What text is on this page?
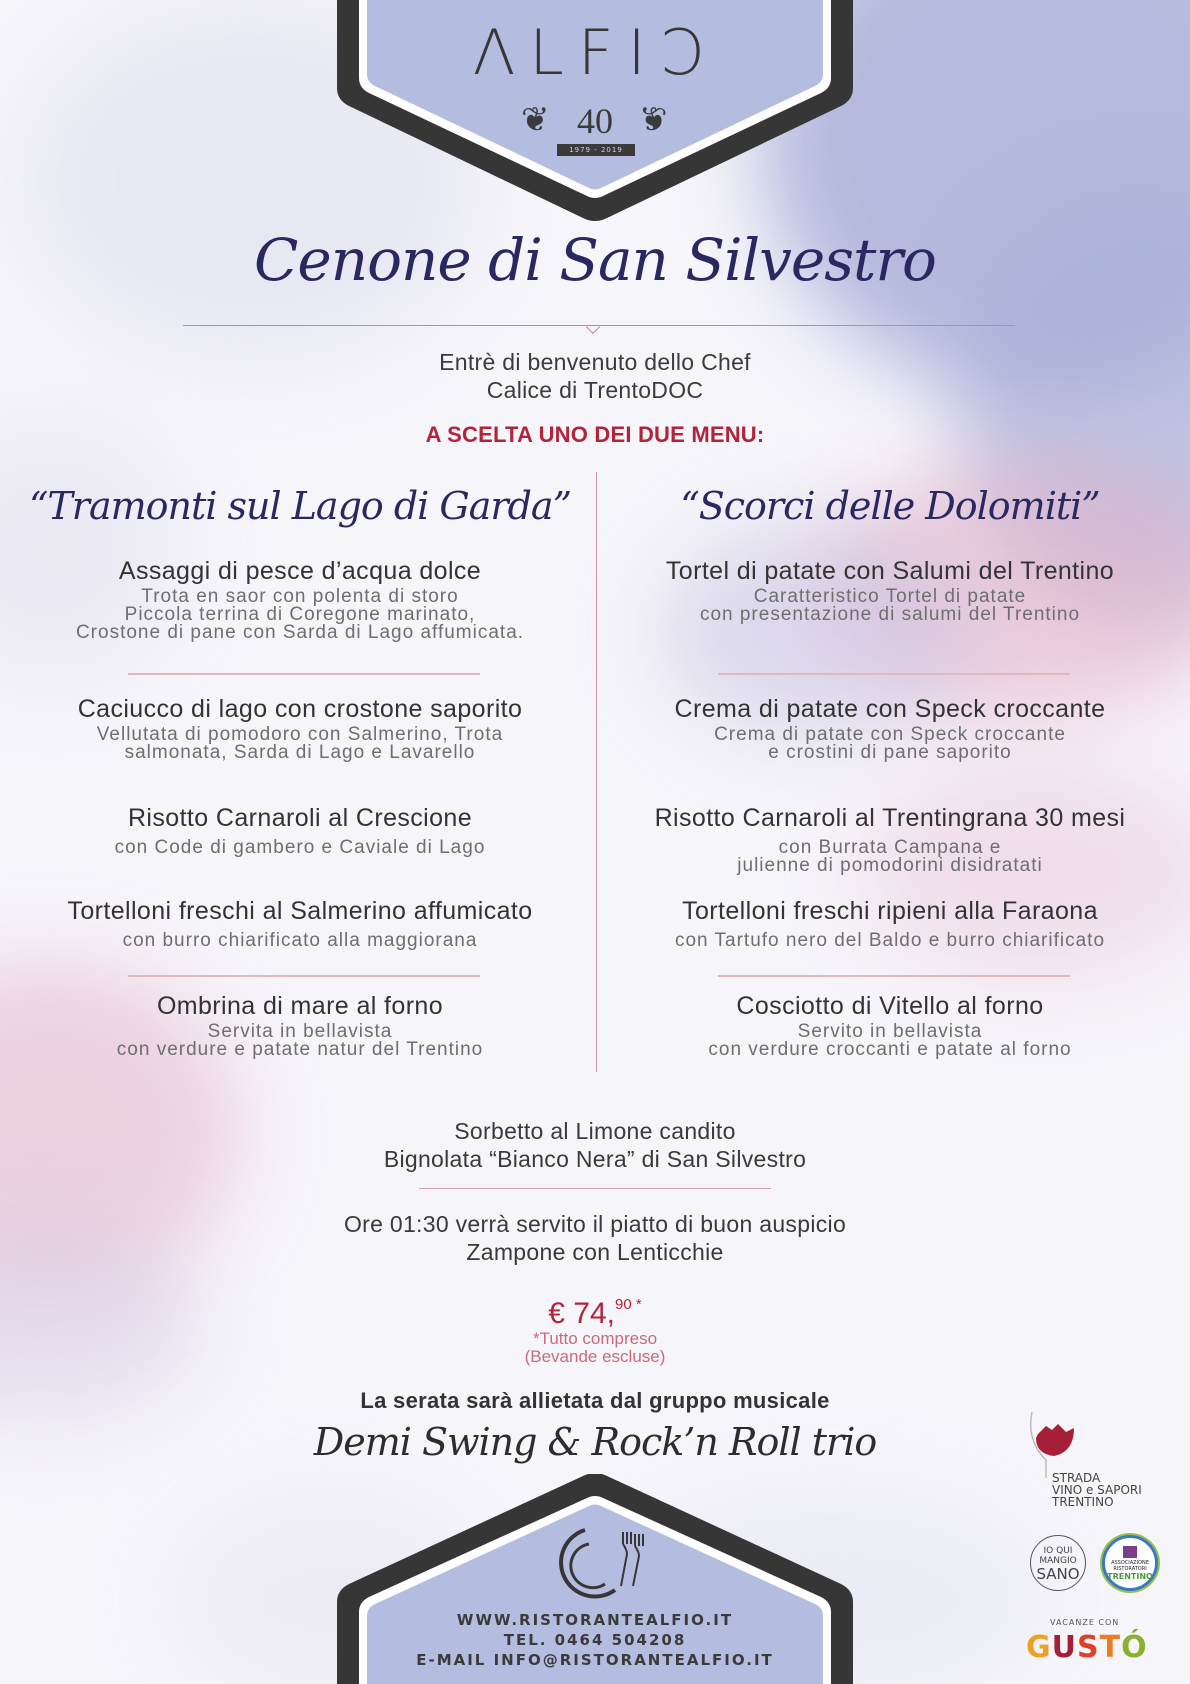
ΛLFIϽ
❦	❦
40
1979 - 2019
Cenone di San Silvestro
Entrè di benvenuto dello Chef
Calice di TrentoDOC
A SCELTA UNO DEI DUE MENU:
“Tramonti sul Lago di Garda”
Assaggi di pesce d’acqua dolce
Trota en saor con polenta di storo
Piccola terrina di Coregone marinato,
Crostone di pane con Sarda di Lago affumicata.
Caciucco di lago con crostone saporito
Vellutata di pomodoro con Salmerino, Trota
salmonata, Sarda di Lago e Lavarello
Risotto Carnaroli al Crescione
con Code di gambero e Caviale di Lago
Tortelloni freschi al Salmerino affumicato
con burro chiarificato alla maggiorana
Ombrina di mare al forno
Servita in bellavista
con verdure e patate natur del Trentino
“Scorci delle Dolomiti”
Tortel di patate con Salumi del Trentino
Caratteristico Tortel di patate
con presentazione di salumi del Trentino
Crema di patate con Speck croccante
Crema di patate con Speck croccante
e crostini di pane saporito
Risotto Carnaroli al Trentingrana 30 mesi
con Burrata Campana e
julienne di pomodorini disidratati
Tortelloni freschi ripieni alla Faraona
con Tartufo nero del Baldo e burro chiarificato
Cosciotto di Vitello al forno
Servito in bellavista
con verdure croccanti e patate al forno
Sorbetto al Limone candito
Bignolata “Bianco Nera” di San Silvestro
Ore 01:30 verrà servito il piatto di buon auspicio
Zampone con Lenticchie
€ 74,90 *
*Tutto compreso
(Bevande escluse)
La serata sarà allietata dal gruppo musicale
Demi Swing & Rock’n Roll trio
WWW.RISTORANTEALFIO.IT
TEL. 0464 504208
E-MAIL INFO@RISTORANTEALFIO.IT
STRADA
VINO e SAPORI
TRENTINO
IO QUI
MANGIO
SANO
ASSOCIAZIONE RISTORATORI
TRENTINO
VACANZE CON
GUSTÓ
